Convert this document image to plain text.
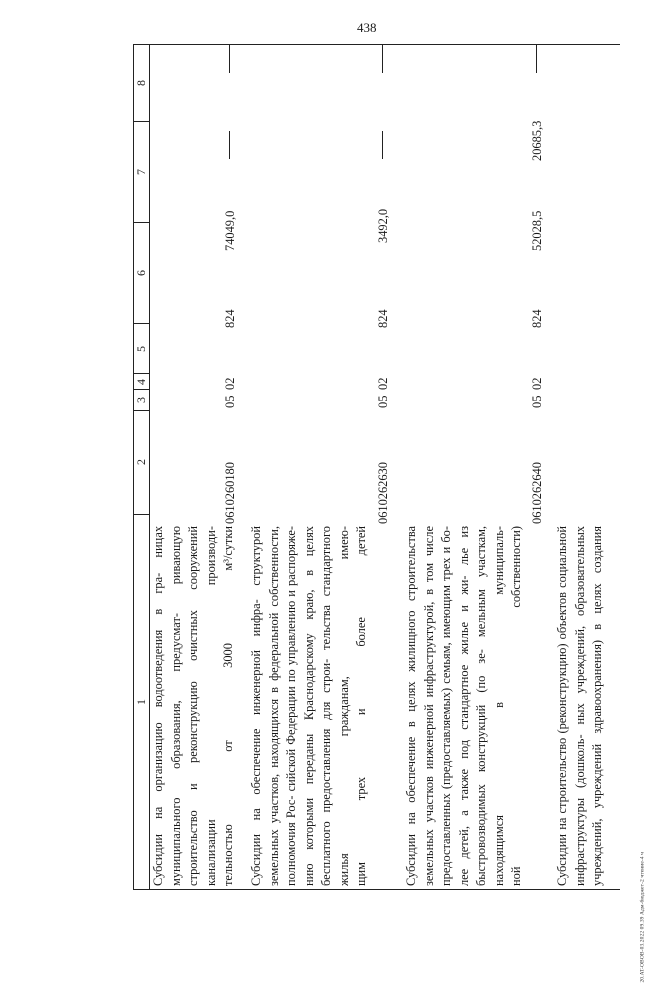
438
20.AT-OBOB-03.2022 09.39 Адм-бюджет-2 чтение-4 ч
1
2
3
4
5
6
7
8
Субсидии на организацию водоотведения в гра- ницах муниципального образования, предусмат- ривающую строительство и реконструкцию очистных сооружений канализации производи- тельностью от 3000 м³/сутки
0610260180
05
02
824
74049,0
Субсидии на обеспечение инженерной инфра- структурой земельных участков, находящихся в федеральной собственности, полномочия Рос- сийской Федерации по управлению и распоряже- нию которыми переданы Краснодарскому краю, в целях бесплатного предоставления для строи- тельства стандартного жилья гражданам, имею- щим трех и более детей
0610262630
05
02
824
3492,0
Субсидии на обеспечение в целях жилищного строительства земельных участков инженерной инфраструктурой, в том числе предоставленных (предоставляемых) семьям, имеющим трех и бо- лее детей, а также под стандартное жилье и жи- лье из быстровозводимых конструкций (по зе- мельным участкам, находящимся в муниципаль- ной собственности)
0610262640
05
02
824
52028,5
20685,3
Субсидии на строительство (реконструкцию) объектов социальной инфраструктуры (дошколь- ных учреждений, образовательных учреждений, учреждений здравоохранения) в целях создания
